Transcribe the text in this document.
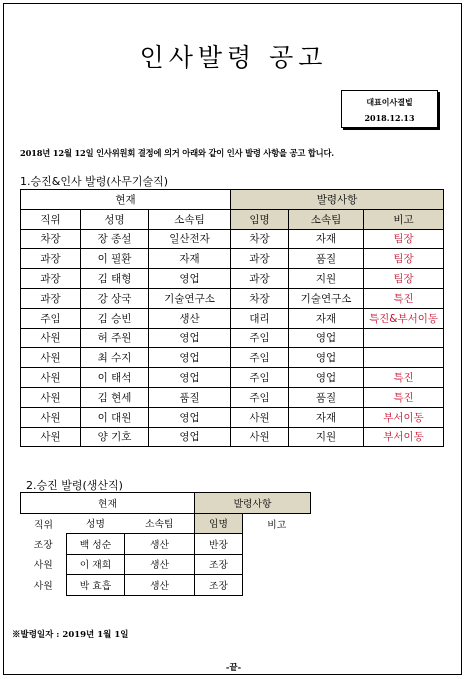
인사발령 공고
대표이사결빝
2018.12.13
2018년 12월 12일 인사위원회 결정에 의거 아래와 같이 인사 발령 사항을 공고 합니다.
1.승진&인사 발령(사무기술직)
현재			발령사항		
직위	성명	소속팀	임명	소속팀	비고
차장	장 종설	일산전자	차장	자재	팀장
과장	이 필환	자재	과장	품질	팀장
과장	김 태형	영업	과장	지원	팀장
과장	강 상국	기술연구소	차장	기술연구소	특진
주임	김 승빈	생산	대리	자재	특진&부서이동
사원	허 주원	영업	주임	영업	
사원	최 수지	영업	주임	영업	
사원	이 태석	영업	주임	영업	특진
사원	김 현세	품질	주임	품질	특진
사원	이 대원	영업	사원	자재	부서이동
사원	양 기호	영업	사원	지원	부서이동
2.승진 발령(생산직)
현재			발령사항	
직위	성명	소속팀	임명	비고
조장	백 성순	생산	반장	
사원	이 재희	생산	조장	
사원	박 효흡	생산	조장	
※발령일자 : 2019년 1월 1일
-끝-
